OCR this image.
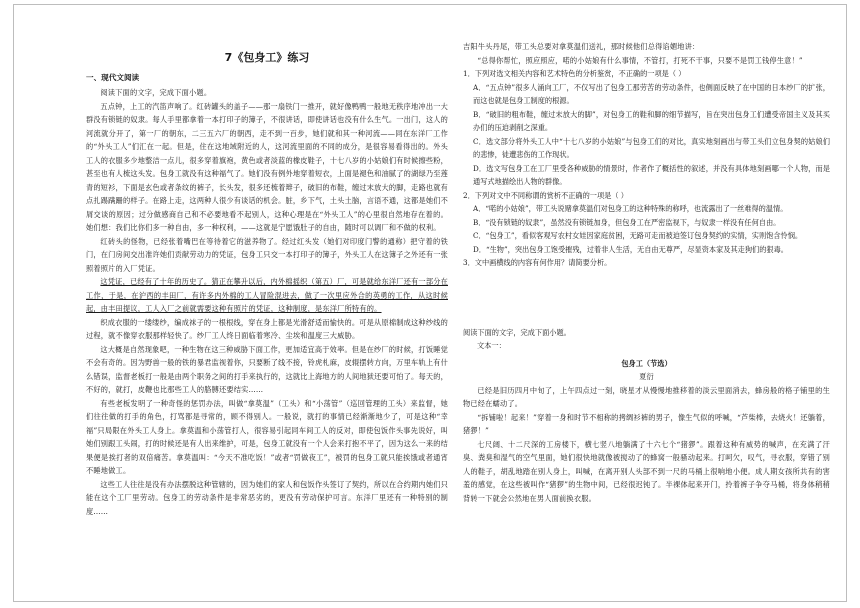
7《包身工》练习
一、现代文阅读

阅读下面的文字，完成下面小题。

五点钟，上工的汽笛声响了。红砖罐头的盖子——那一扇铁门一推开，就好像鸭鸭一般地无秩序地冲出一大群没有锁链的奴隶。每人手里都拿着一本打印子的簿子，不很讲话，即使讲话也没有什么生气。一出门，这人的河流就分开了，第一厂的朝东，二三五六厂的朝西，走不到一百步，她们就和其一种河流——同在东洋厂工作的“外头工人”们汇在一起。但是，住在这地域附近的人，这河流里面的不同的成分，是很容易看得出的。外头工人的衣服多少地整洁一点儿，很多穿着旗袍，黄色或者淡蓝的橡皮鞋子，十七八岁的小姑娘们有时候擦些粉，甚至也有人梳这头发。包身工就没有这种福气了。她们没有例外地穿着短衣，上面是褪色和油腻了的湖绿乃至莲青的短衫，下面是玄色或者条纹的裤子，长头发，很多还梳着辫子，破旧的布鞋，缠过末放大的脚，走路也就有点扎踢蹒跚的样子。在路上走，这两种人很少有谈话的机会。脏，乡下气，土头土脑，言语不通，这都是她们不屑交谈的原因；过分做感商自己和不必要地看不起别人，这种心理是在“外头工人”的心里很自然地存在着的。她们想：我们比你们多一种自由，多一种权利，——这就是宁愿饿肚子的自由，随时可以调厂和不做的权利。

红砖头的怪物，已经张着嘴巴在等待着它的滋养物了。经过红头发（她们对印度门警的通称）把守着的铁门，在门房间交出准许她们贡献劳动力的凭证，包身工只交一本打印子的簿子，外头工人在这簿子之外还有一张照着照片的入厂凭证。

这凭证，已经有了十年的历史了。猜正在攀升以后，内外棉摇织（第五）厂，可是就给东洋厂还有一部分在工作，于是，在沪西的丰田厂，有许多内外棉的工人冒险混进去，做了一次里应外合的英勇的工作，从这时候起，由丰田提议，工人入厂之前就需要这种有照片的凭证，这种制度，是东洋厂所特有的。

织成衣服的一缕缕纱，编成袜子的一根根线，穿在身上都是光滑舒适而愉快的。可是从原棉制成这种纱线的过程，就不像穿衣服那样轻快了。纱厂工人终日面临着寒冷、尘埃和温度三大威胁。

这大概是自然现象吧，一种生物在这三种威胁下面工作，更加适宜高于效率。但是在纱厂的时候，打饭睡觉不会有奇的。因为野兽一般的铁的暴君监视着你，只要断了线不接，铃虎札麻，皮辊摆转方向，万里车轨上有什么错误，监督老板打一般是由两个职务之间的打手来执行的，这就比上海地方的人间地狱还要可怕了。每天的，不好的，就打，皮鞭也比那些工人的胳膊还要结实……

有些老板发明了一种奇怪的惩罚办法，叫做“拿莫温”（工头）和“小荡管”（巡回管理的工头）来监督，她们往往做的打手的角色，打骂都是寻常的，顾不得别人。一般说，就打的事情已经渐渐地少了，可是这种“幸福”只局限在外头工人身上。拿莫温和小荡管打人，很容易引起同车间工人的反对，即使包饭作头事先说好，叫她们别跟工头闹，打的时候还是有人出来维护，可是，包身工就没有一个人会来打抱不平了，因为这么一来的结果便是挨打者的双倍痛苦。拿莫温叫：“今天不准吃饭！”或者“罚做夜工”，被罚的包身工就只能挨饿或者通宵不睡地做工。

这些工人往往是没有办法摆脱这种管辖的，因为她们的家人和包饭作头签订了契约，所以在合约期内她们只能在这个工厂里劳动。包身工的劳动条件是非常恶劣的，更没有劳动保护可言。东洋厂里还有一种特别的制度……

吉阳牛头丹尾，带工头总要对拿莫温们送礼，那时候他们总得谄媚地讲：

“总得你帮忙，照应照应，喏的小姑娘有什么事情，不管打，打死不干事，只要不是罚工钱停生意！”

1．下列对选文相关内容和艺术特色的分析鉴赏，不正确的一项是（ ）

A．“五点钟”很多人涌向工厂，不仅写出了包身工那劳苦的劳动条件，也侧面反映了在中国的日本纱厂的扩张，而这也就是包身工制度的根源。

B．“破旧的粗布鞋，缠过末放大的脚”，对包身工的鞋和脚的细节描写，旨在突出包身工们遭受帝国主义及其买办们的压迫剥削之深重。

C．选文部分将外头工人中“十七八岁的小姑娘”与包身工们的对比，真实地刻画出与带工头们立包身契的姑娘们的悲惨，徒遭悲伤的工作现状。

D．选文写包身工在工厂里受各种威胁的情景时，作者作了概括性的叙述，并没有具体地刻画哪一个人物，而是通写式地描绘出人物的群像。

2．下列对文中不同称谓的赏析不正确的一项是（ ）

A．“喏的小姑娘”，带工头说赌拿莫温们对包身工的这种特殊的称呼，也流露出了一丝难得的温情。

B．“没有锁链的奴隶”，虽然没有锁链加身，但包身工在严密监视下，与奴隶一样没有任何自由。

C．“包身工”，看似客观写农村女娃因家庭贫困，无路可走而被迫签订包身契约的实情，实则饱含怜悯。

D．“生物”，突出包身工饱受摧残，过着非人生活，无自由无尊严，尽显资本家及其走狗们的狠毒。

3．文中画横线的内容有何作用？请简要分析。

阅读下面的文字，完成下面小题。

文本一：

包身工（节选）

夏衍

已经是旧历四月中旬了，上午四点过一刻，晓星才从慢慢地推移着的淡云里面消去，蜂房般的格子铺里的生物已经在蠕动了。

“拆铺啦！起来！”穿着一身和时节不相称的拷绸衫裤的男子，像生气似的呼喊，“芦柴棒，去烧火！还躺着，猪猡！”

七尺阔、十二尺深的工房楼下，横七竖八地躺满了十六七个“猪猡”。跟着这种有威势的喊声，在充满了汗臭、粪臭和湿气的空气里面，她们很快地就像被搅动了的蜂窝一般骚动起来。打呵欠，叹气，寻衣服，穿错了别人的鞋子，胡乱地踏在别人身上，叫喊，在离开别人头部不到一尺的马桶上很响地小便。成人期女孩所共有的害羞的感觉，在这些被叫作“猪猡”的生物中间，已经很迟钝了。半裸体起来开门，拎着裤子争夺马桶，将身体稍稍背转一下就会公然地在男人面前换衣服。
